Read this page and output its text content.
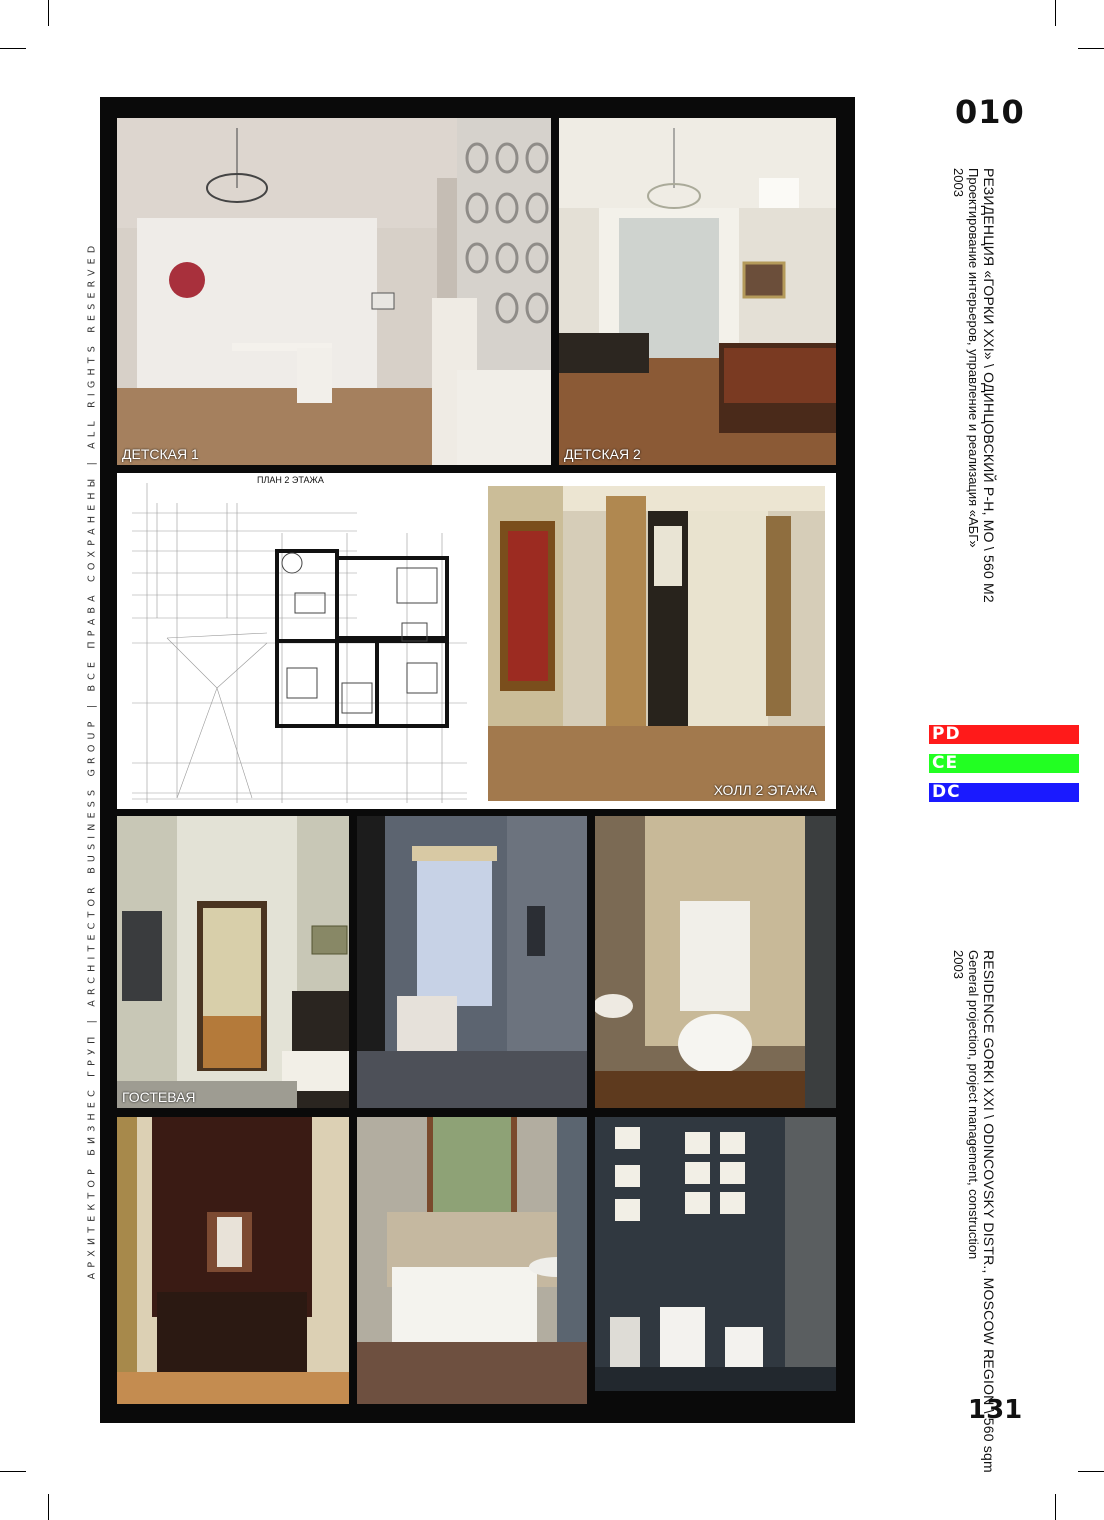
АРХИТЕКТОР БИЗНЕС ГРУП | ARCHITECTOR BUSINESS GROUP | ВСЕ ПРАВА СОХРАНЕНЫ | ALL RIGHTS RESERVED ДЕТСКАЯ 1	ДЕТСКАЯ 2
ПЛАН 2 ЭТАЖА
ХОЛЛ 2 ЭТАЖА
ГОСТЕВАЯ
010
РЕЗИДЕНЦИЯ «ГОРКИ XXI» \ ОДИНЦОВСКИЙ Р-Н, МО \ 560 М2
Проектирование интерьеров, управление и реализация «АБГ»
2003
PD
CE
DC
RESIDENCE GORKI XXI \ ODINCOVSKY DISTR., MOSCOW REGION \ 560 sqm
General projection, project management, construction
2003
131
